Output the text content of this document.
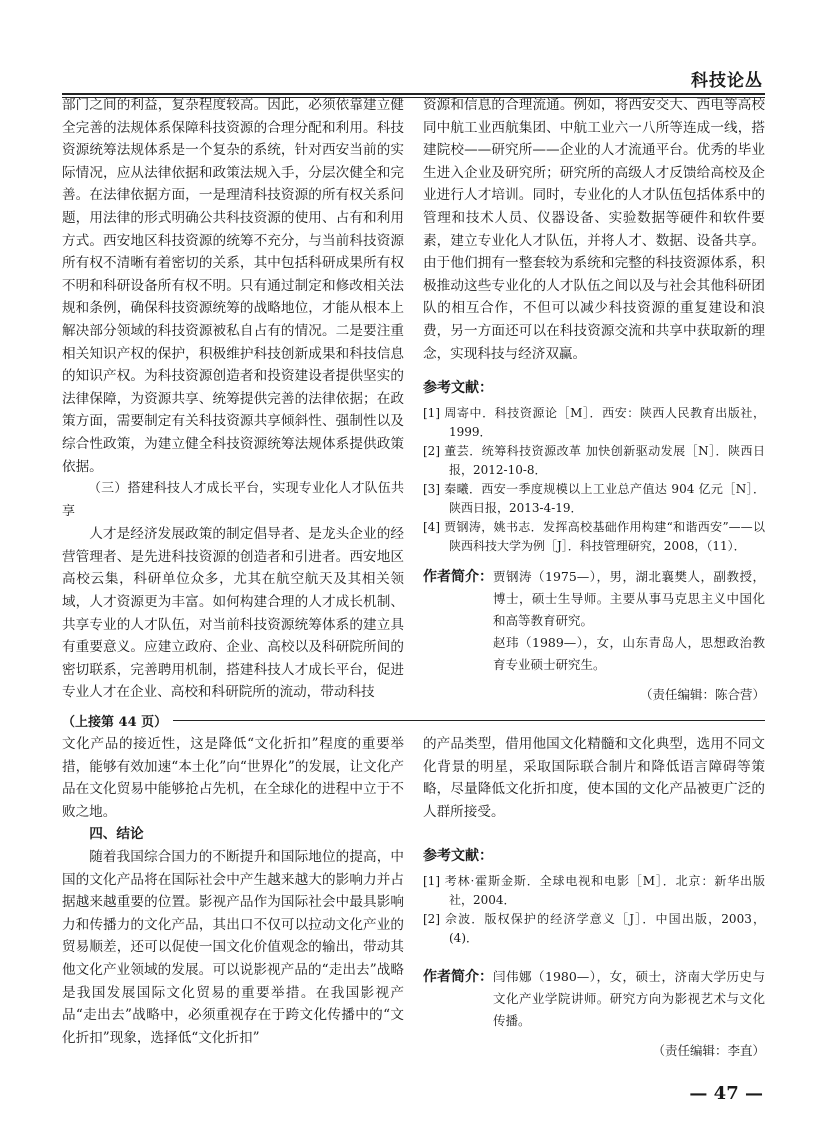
科技论丛

部门之间的利益，复杂程度较高。因此，必须依靠建立健全完善的法规体系保障科技资源的合理分配和利用。科技资源统筹法规体系是一个复杂的系统，针对西安当前的实际情况，应从法律依据和政策法规入手，分层次健全和完善。在法律依据方面，一是理清科技资源的所有权关系问题，用法律的形式明确公共科技资源的使用、占有和利用方式。西安地区科技资源的统筹不充分，与当前科技资源所有权不清晰有着密切的关系，其中包括科研成果所有权不明和科研设备所有权不明。只有通过制定和修改相关法规和条例，确保科技资源统筹的战略地位，才能从根本上解决部分领域的科技资源被私自占有的情况。二是要注重相关知识产权的保护，积极维护科技创新成果和科技信息的知识产权。为科技资源创造者和投资建设者提供坚实的法律保障，为资源共享、统筹提供完善的法律依据；在政策方面，需要制定有关科技资源共享倾斜性、强制性以及综合性政策，为建立健全科技资源统筹法规体系提供政策依据。

（三）搭建科技人才成长平台，实现专业化人才队伍共享

人才是经济发展政策的制定倡导者、是龙头企业的经营管理者、是先进科技资源的创造者和引进者。西安地区高校云集，科研单位众多，尤其在航空航天及其相关领域，人才资源更为丰富。如何构建合理的人才成长机制、共享专业的人才队伍，对当前科技资源统筹体系的建立具有重要意义。应建立政府、企业、高校以及科研院所间的密切联系，完善聘用机制，搭建科技人才成长平台，促进专业人才在企业、高校和科研院所的流动，带动科技

资源和信息的合理流通。例如，将西安交大、西电等高校同中航工业西航集团、中航工业六一八所等连成一线，搭建院校——研究所——企业的人才流通平台。优秀的毕业生进入企业及研究所；研究所的高级人才反馈给高校及企业进行人才培训。同时，专业化的人才队伍包括体系中的管理和技术人员、仪器设备、实验数据等硬件和软件要素，建立专业化人才队伍，并将人才、数据、设备共享。由于他们拥有一整套较为系统和完整的科技资源体系，积极推动这些专业化的人才队伍之间以及与社会其他科研团队的相互合作，不但可以减少科技资源的重复建设和浪费，另一方面还可以在科技资源交流和共享中获取新的理念，实现科技与经济双赢。

参考文献：

[1] 周寄中．科技资源论［M］．西安：陕西人民教育出版社，1999．

[2] 董芸．统筹科技资源改革 加快创新驱动发展［N］．陕西日报，2012-10-8．

[3] 秦曦．西安一季度规模以上工业总产值达 904 亿元［N］．陕西日报，2013-4-19．

[4] 贾钢涛，姚书志．发挥高校基础作用构建“和谐西安”——以陕西科技大学为例［J］．科技管理研究，2008，（11）．

作者简介： 贾钢涛（1975—），男，湖北襄樊人，副教授，博士，硕士生导师。主要从事马克思主义中国化和高等教育研究。

赵玮（1989—），女，山东青岛人，思想政治教育专业硕士研究生。

（责任编辑：陈合营）
（上接第 44 页）

文化产品的接近性，这是降低“文化折扣”程度的重要举措，能够有效加速“本土化”向“世界化”的发展，让文化产品在文化贸易中能够抢占先机，在全球化的进程中立于不败之地。

四、结论

随着我国综合国力的不断提升和国际地位的提高，中国的文化产品将在国际社会中产生越来越大的影响力并占据越来越重要的位置。影视产品作为国际社会中最具影响力和传播力的文化产品，其出口不仅可以拉动文化产业的贸易顺差，还可以促使一国文化价值观念的输出，带动其他文化产业领域的发展。可以说影视产品的“走出去”战略是我国发展国际文化贸易的重要举措。在我国影视产品“走出去”战略中，必须重视存在于跨文化传播中的“文化折扣”现象，选择低“文化折扣”

的产品类型，借用他国文化精髓和文化典型，选用不同文化背景的明星，采取国际联合制片和降低语言障碍等策略，尽量降低文化折扣度，使本国的文化产品被更广泛的人群所接受。

参考文献：

[1] 考林·霍斯金斯．全球电视和电影［M］．北京：新华出版社，2004．

[2] 佘波．版权保护的经济学意义［J］．中国出版，2003，(4)．

作者简介： 闫伟娜（1980—），女，硕士，济南大学历史与文化产业学院讲师。研究方向为影视艺术与文化传播。

（责任编辑：李直）
— 47 —
